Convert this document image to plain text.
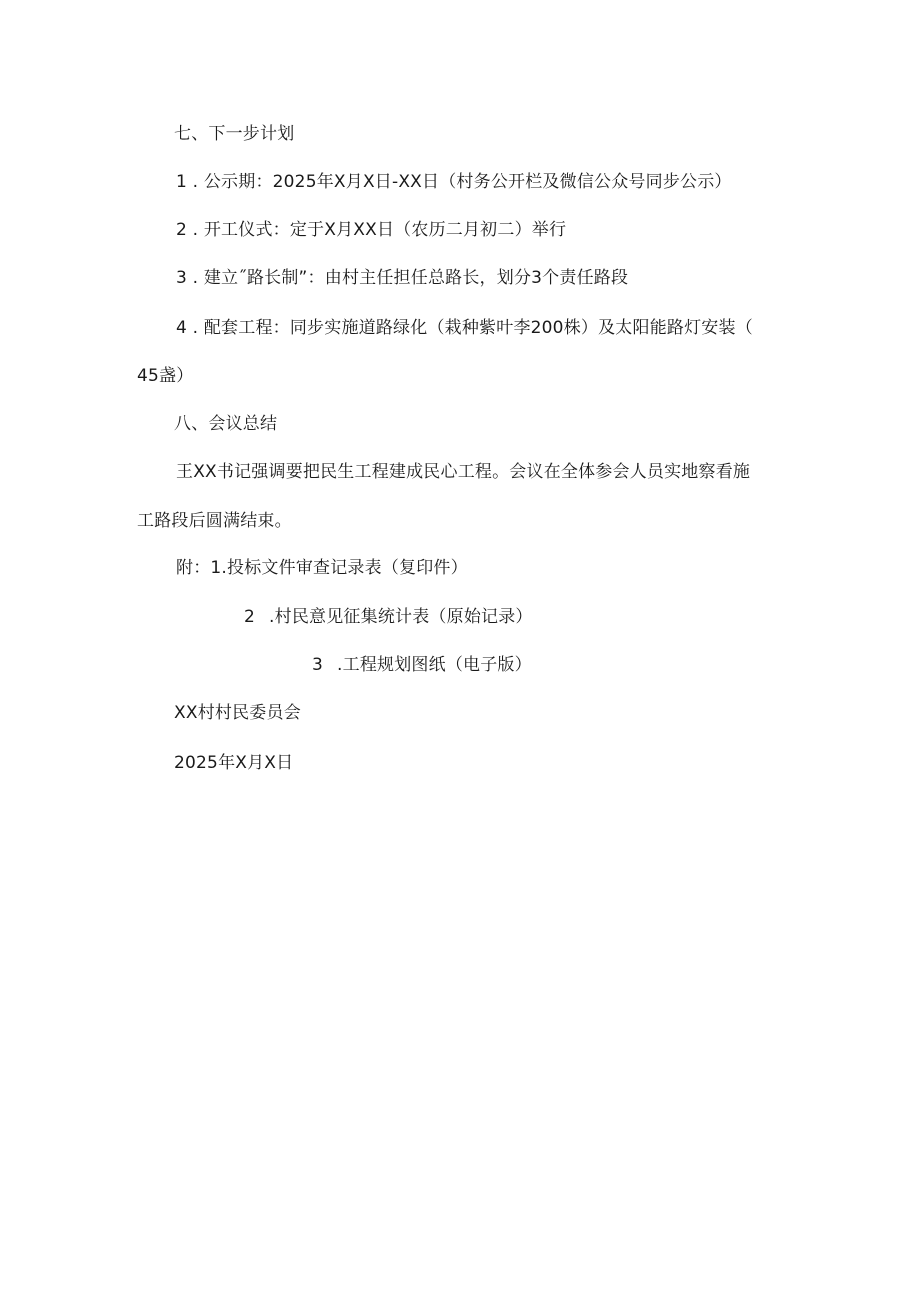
七、下一步计划
1 . 公示期：2025年X月X日-XX日（村务公开栏及微信公众号同步公示）
2 . 开工仪式：定于X月XX日（农历二月初二）举行
3 . 建立˝路长制”：由村主任担任总路长，划分3个责任路段
4 . 配套工程：同步实施道路绿化（栽种紫叶李200株）及太阳能路灯安装（
45盏）
八、会议总结
王XX书记强调要把民生工程建成民心工程。会议在全体参会人员实地察看施
工路段后圆满结束。
附：1.投标文件审查记录表（复印件）
2 .村民意见征集统计表（原始记录）
3 .工程规划图纸（电子版）
XX村村民委员会
2025年X月X日
